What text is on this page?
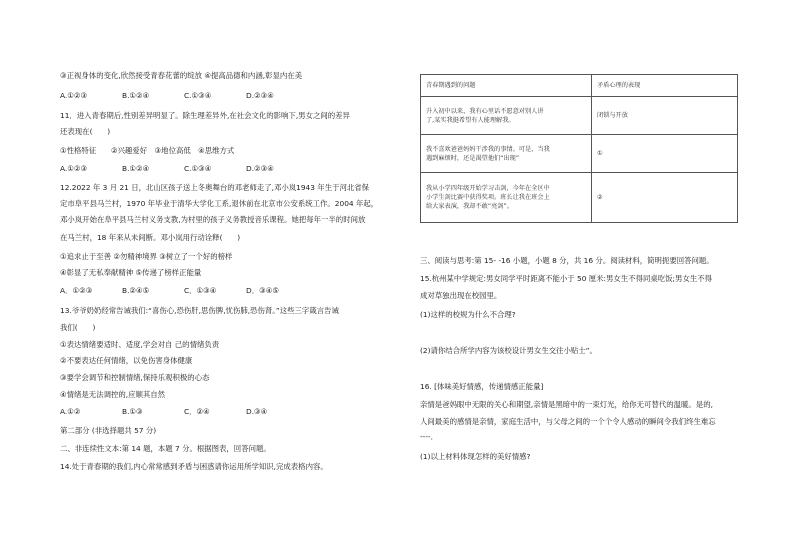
③正视身体的变化,欣然接受青春花蕾的绽放 ④提高品德和内涵,彰显内在美
A.①②③	B.①②④	C.①③④	D.②③④
11．进入青春期后,性别差异明显了。除生理差异外,在社会文化的影响下,男女之间的差异
还表现在(　　)
①性格特征　　②兴趣爱好　③地位高低　④思维方式
A.①②③	B.①②④	C.①③④	D.②③④
12.2022 年 3 月 21 日，北山区孩子送上冬奥舞台的邓老师走了,邓小岚1943 年生于河北省保
定市阜平县马兰村，1970 年毕业于清华大学化工系,退休前在北京市公安系统工作。2004 年起，
邓小岚开始在阜平县马兰村义务支教,为村里的孩子义务教授音乐课程。她把每年一半的时间放
在马兰村，18 年来从未间断。邓小岚用行动诠释(　　)
①追求止于至善 ②勿精神境界 ③树立了一个好的榜样
④彰显了无私奉献精神 ⑤传递了榜样正能量
A．①②③	B.②④⑤	C．①③④	D．③④⑤
13.爷爷奶奶经常告诫我们:“喜伤心,恐伤肝,思伤脾,忧伤肺,恐伤肾。”这些三字箴言告诫
我们(　　)
①表达情绪要适时、适度,学会对自 己的情绪负责
②不要表达任何情绪，以免伤害身体健康
③要学会调节和控制情绪,保持乐观积极的心态
④情绪是无法调控的,应顺其自然
A.①②	B.①③	C．②④	D.③④
第二部分 (非选择题共 57 分)
二、非连续性文本:第 14 题，本题 7 分。根据图表，回答问题。
14.处于青春期的我们,内心常常感到矛盾与困惑请你运用所学知识,完成表格内容。
青春期遇到的问题	矛盾心理的表现

升入初中以来，我有心里话不愿意对别人讲
了,某实我挺希望有人能理解我。	闭锁与开放

我不喜欢爸爸妈妈干涉我的事情。可是，当我
遇到麻烦时，还是渴望他们“出现”	①

我从小学四年级开始学习击剑，今年在全区中
小学生剑比赛中获得奖项。班长让我在班会上
给大家表演，我却不敢“亮剑”。	②
三、阅读与思考:第 15- -16 小题，小题 8 分，共 16 分。阅读材料，简明扼要回答问题。
15.杭州某中学规定:男女同学平时距离不能小于 50 厘米:男女生不得同桌吃饭;男女生不得
成对草独出现在校园里。
(1)这样的校规为什么不合理?
(2)请你结合所学内容为该校设计男女生交往小贴士”。
16. [体味美好情感，传递情感正能量]
亲情是爸妈眼中无限的关心和期望,亲情是黑暗中的一束灯光，给你无可替代的温暖。是的,
人间最美的感情是亲情，家庭生活中，与父母之间的一个个令人感动的瞬间令我们终生难忘
----．
(1)以上材料体现怎样的美好情感?
